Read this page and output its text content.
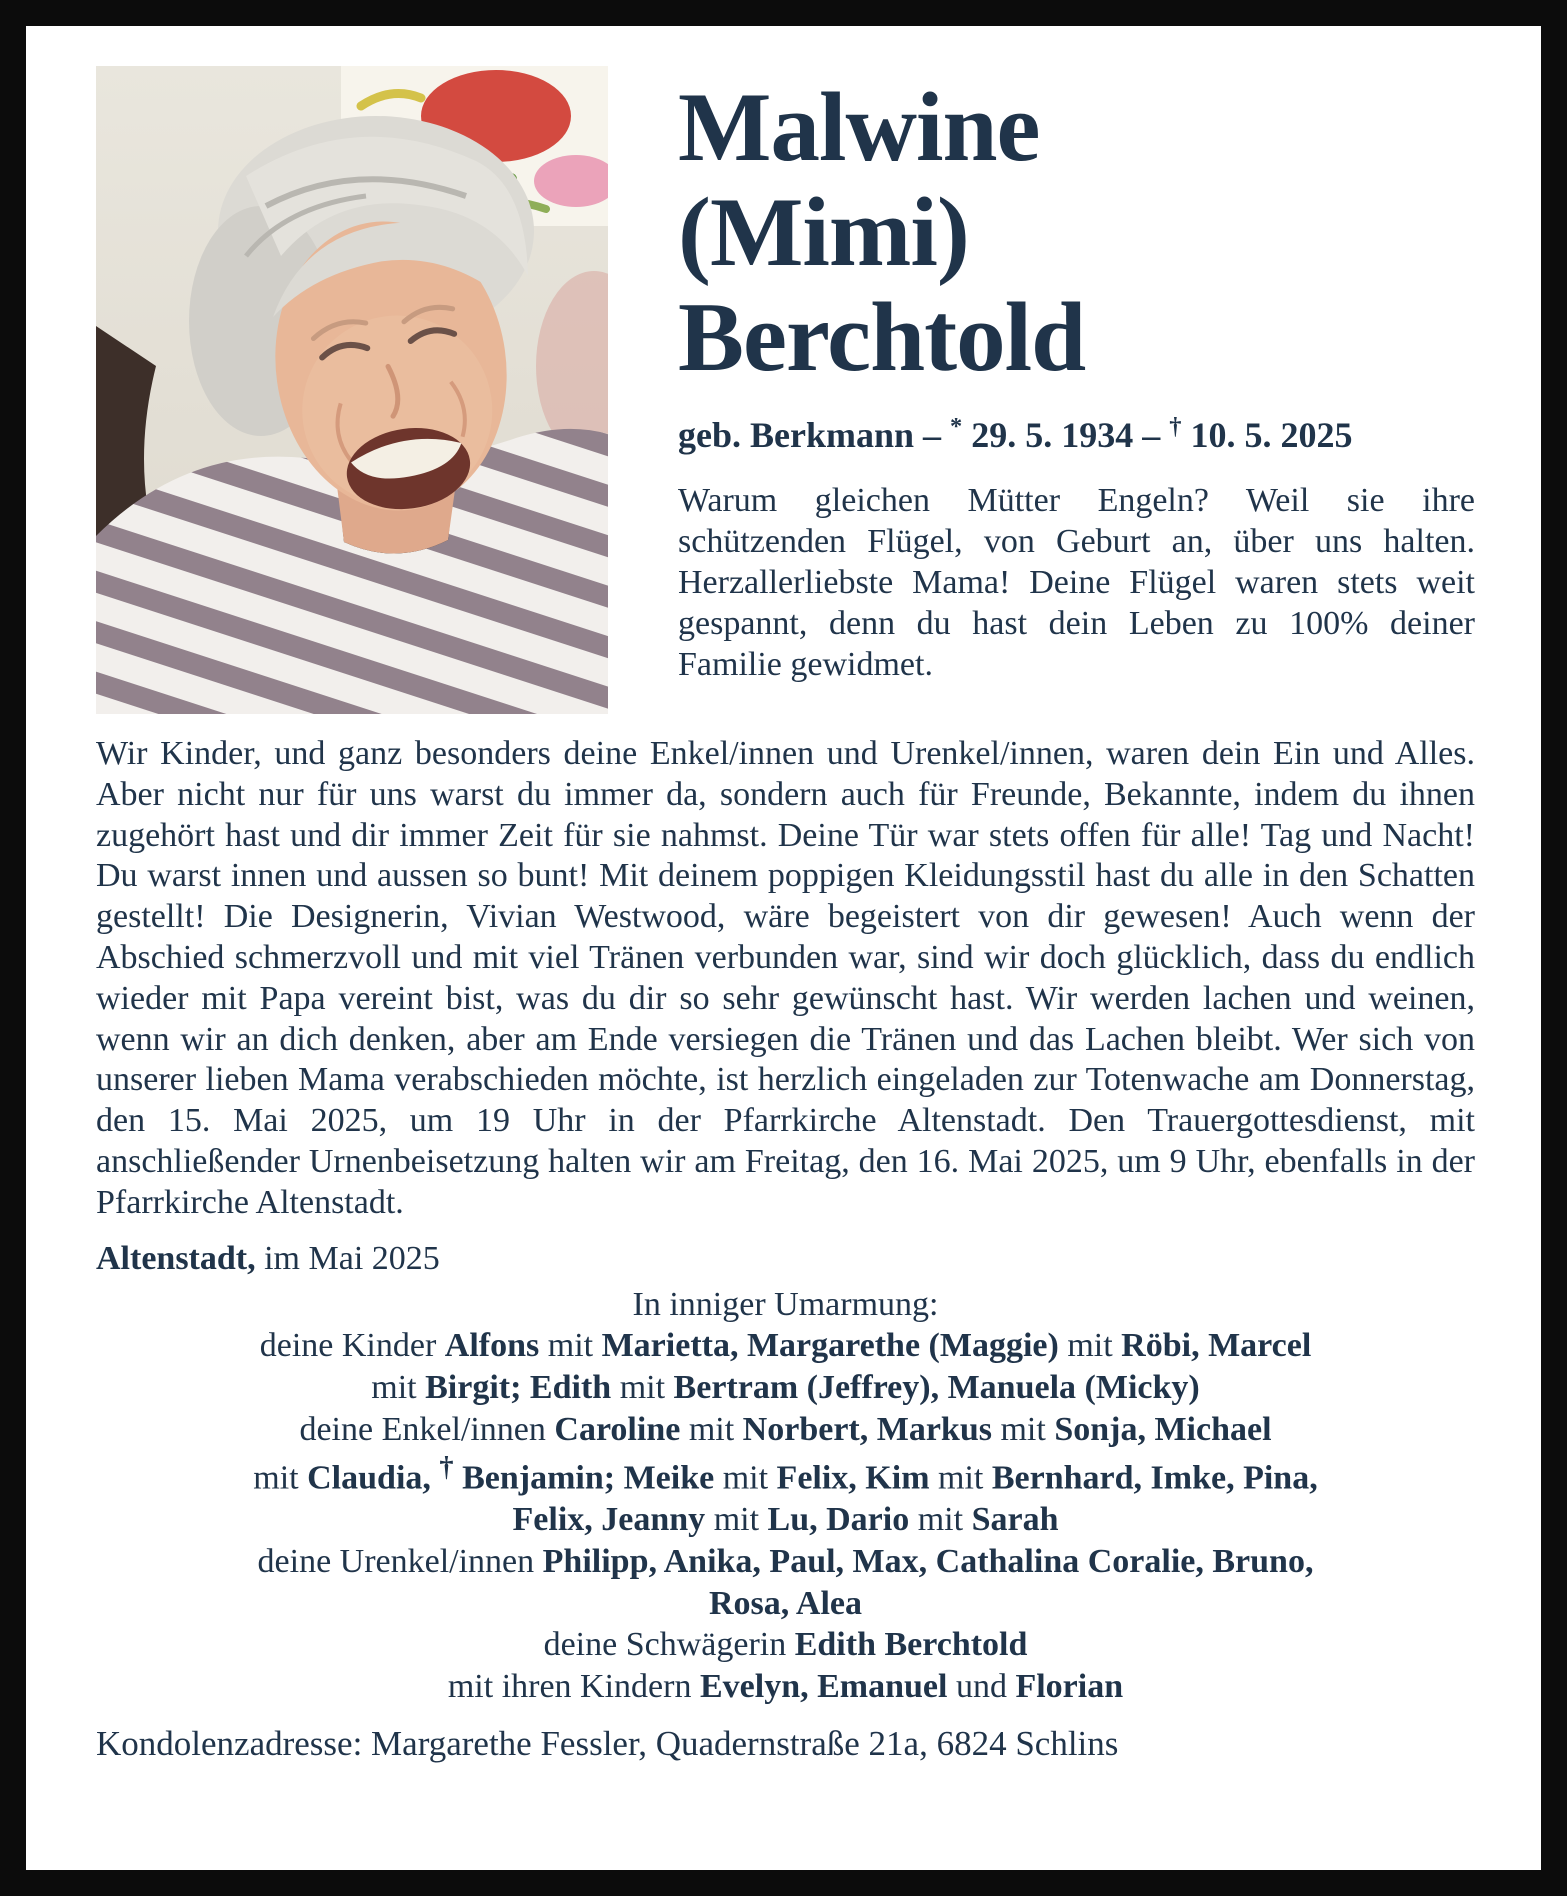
Malwine
(Mimi)
Berchtold
geb. Berkmann – * 29. 5. 1934 – † 10. 5. 2025
Warum gleichen Mütter Engeln? Weil sie ihre schützenden Flügel, von Geburt an, über uns halten. Herzallerliebste Mama! Deine Flügel waren stets weit gespannt, denn du hast dein Leben zu 100% deiner Familie gewidmet.
Wir Kinder, und ganz besonders deine Enkel/innen und Urenkel/innen, waren dein Ein und Alles. Aber nicht nur für uns warst du immer da, sondern auch für Freunde, Bekannte, indem du ihnen zugehört hast und dir immer Zeit für sie nahmst. Deine Tür war stets offen für alle! Tag und Nacht! Du warst innen und aussen so bunt! Mit deinem poppigen Kleidungsstil hast du alle in den Schatten gestellt! Die Designerin, Vivian Westwood, wäre begeistert von dir gewesen! Auch wenn der Abschied schmerzvoll und mit viel Tränen verbunden war, sind wir doch glücklich, dass du endlich wieder mit Papa vereint bist, was du dir so sehr gewünscht hast. Wir werden lachen und weinen, wenn wir an dich denken, aber am Ende versiegen die Tränen und das Lachen bleibt. Wer sich von unserer lieben Mama verabschieden möchte, ist herzlich eingeladen zur Totenwache am Donnerstag, den 15. Mai 2025, um 19 Uhr in der Pfarrkirche Altenstadt. Den Trauergottesdienst, mit anschließender Urnenbeisetzung halten wir am Freitag, den 16. Mai 2025, um 9 Uhr, ebenfalls in der Pfarrkirche Altenstadt.
Altenstadt, im Mai 2025
In inniger Umarmung:
deine Kinder Alfons mit Marietta, Margarethe (Maggie) mit Röbi, Marcel
mit Birgit; Edith mit Bertram (Jeffrey), Manuela (Micky)
deine Enkel/innen Caroline mit Norbert, Markus mit Sonja, Michael
mit Claudia, † Benjamin; Meike mit Felix, Kim mit Bernhard, Imke, Pina,
Felix, Jeanny mit Lu, Dario mit Sarah
deine Urenkel/innen Philipp, Anika, Paul, Max, Cathalina Coralie, Bruno,
Rosa, Alea
deine Schwägerin Edith Berchtold
mit ihren Kindern Evelyn, Emanuel und Florian
Kondolenzadresse: Margarethe Fessler, Quadernstraße 21a, 6824 Schlins
